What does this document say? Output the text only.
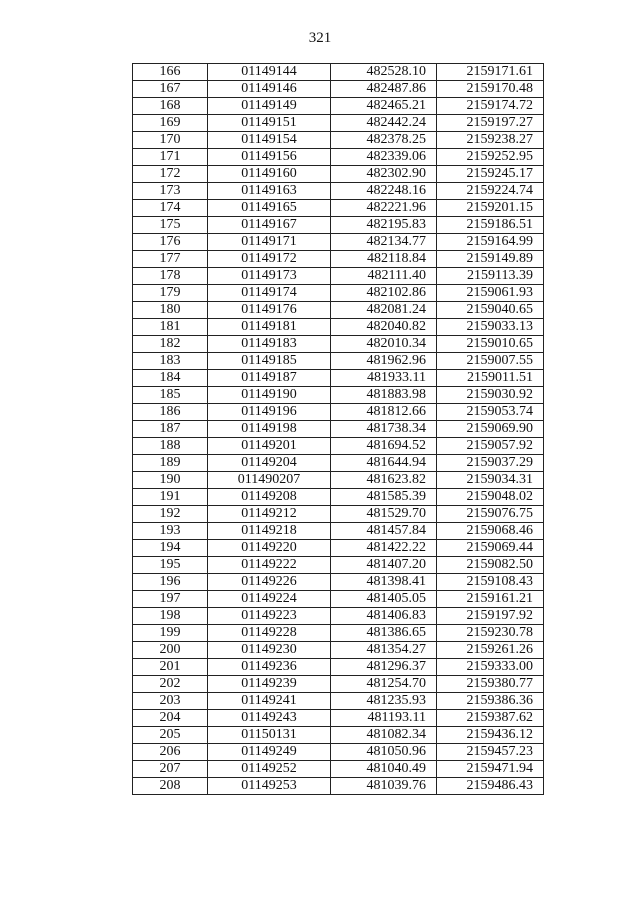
321
166	01149144	482528.10	2159171.61
167	01149146	482487.86	2159170.48
168	01149149	482465.21	2159174.72
169	01149151	482442.24	2159197.27
170	01149154	482378.25	2159238.27
171	01149156	482339.06	2159252.95
172	01149160	482302.90	2159245.17
173	01149163	482248.16	2159224.74
174	01149165	482221.96	2159201.15
175	01149167	482195.83	2159186.51
176	01149171	482134.77	2159164.99
177	01149172	482118.84	2159149.89
178	01149173	482111.40	2159113.39
179	01149174	482102.86	2159061.93
180	01149176	482081.24	2159040.65
181	01149181	482040.82	2159033.13
182	01149183	482010.34	2159010.65
183	01149185	481962.96	2159007.55
184	01149187	481933.11	2159011.51
185	01149190	481883.98	2159030.92
186	01149196	481812.66	2159053.74
187	01149198	481738.34	2159069.90
188	01149201	481694.52	2159057.92
189	01149204	481644.94	2159037.29
190	011490207	481623.82	2159034.31
191	01149208	481585.39	2159048.02
192	01149212	481529.70	2159076.75
193	01149218	481457.84	2159068.46
194	01149220	481422.22	2159069.44
195	01149222	481407.20	2159082.50
196	01149226	481398.41	2159108.43
197	01149224	481405.05	2159161.21
198	01149223	481406.83	2159197.92
199	01149228	481386.65	2159230.78
200	01149230	481354.27	2159261.26
201	01149236	481296.37	2159333.00
202	01149239	481254.70	2159380.77
203	01149241	481235.93	2159386.36
204	01149243	481193.11	2159387.62
205	01150131	481082.34	2159436.12
206	01149249	481050.96	2159457.23
207	01149252	481040.49	2159471.94
208	01149253	481039.76	2159486.43
